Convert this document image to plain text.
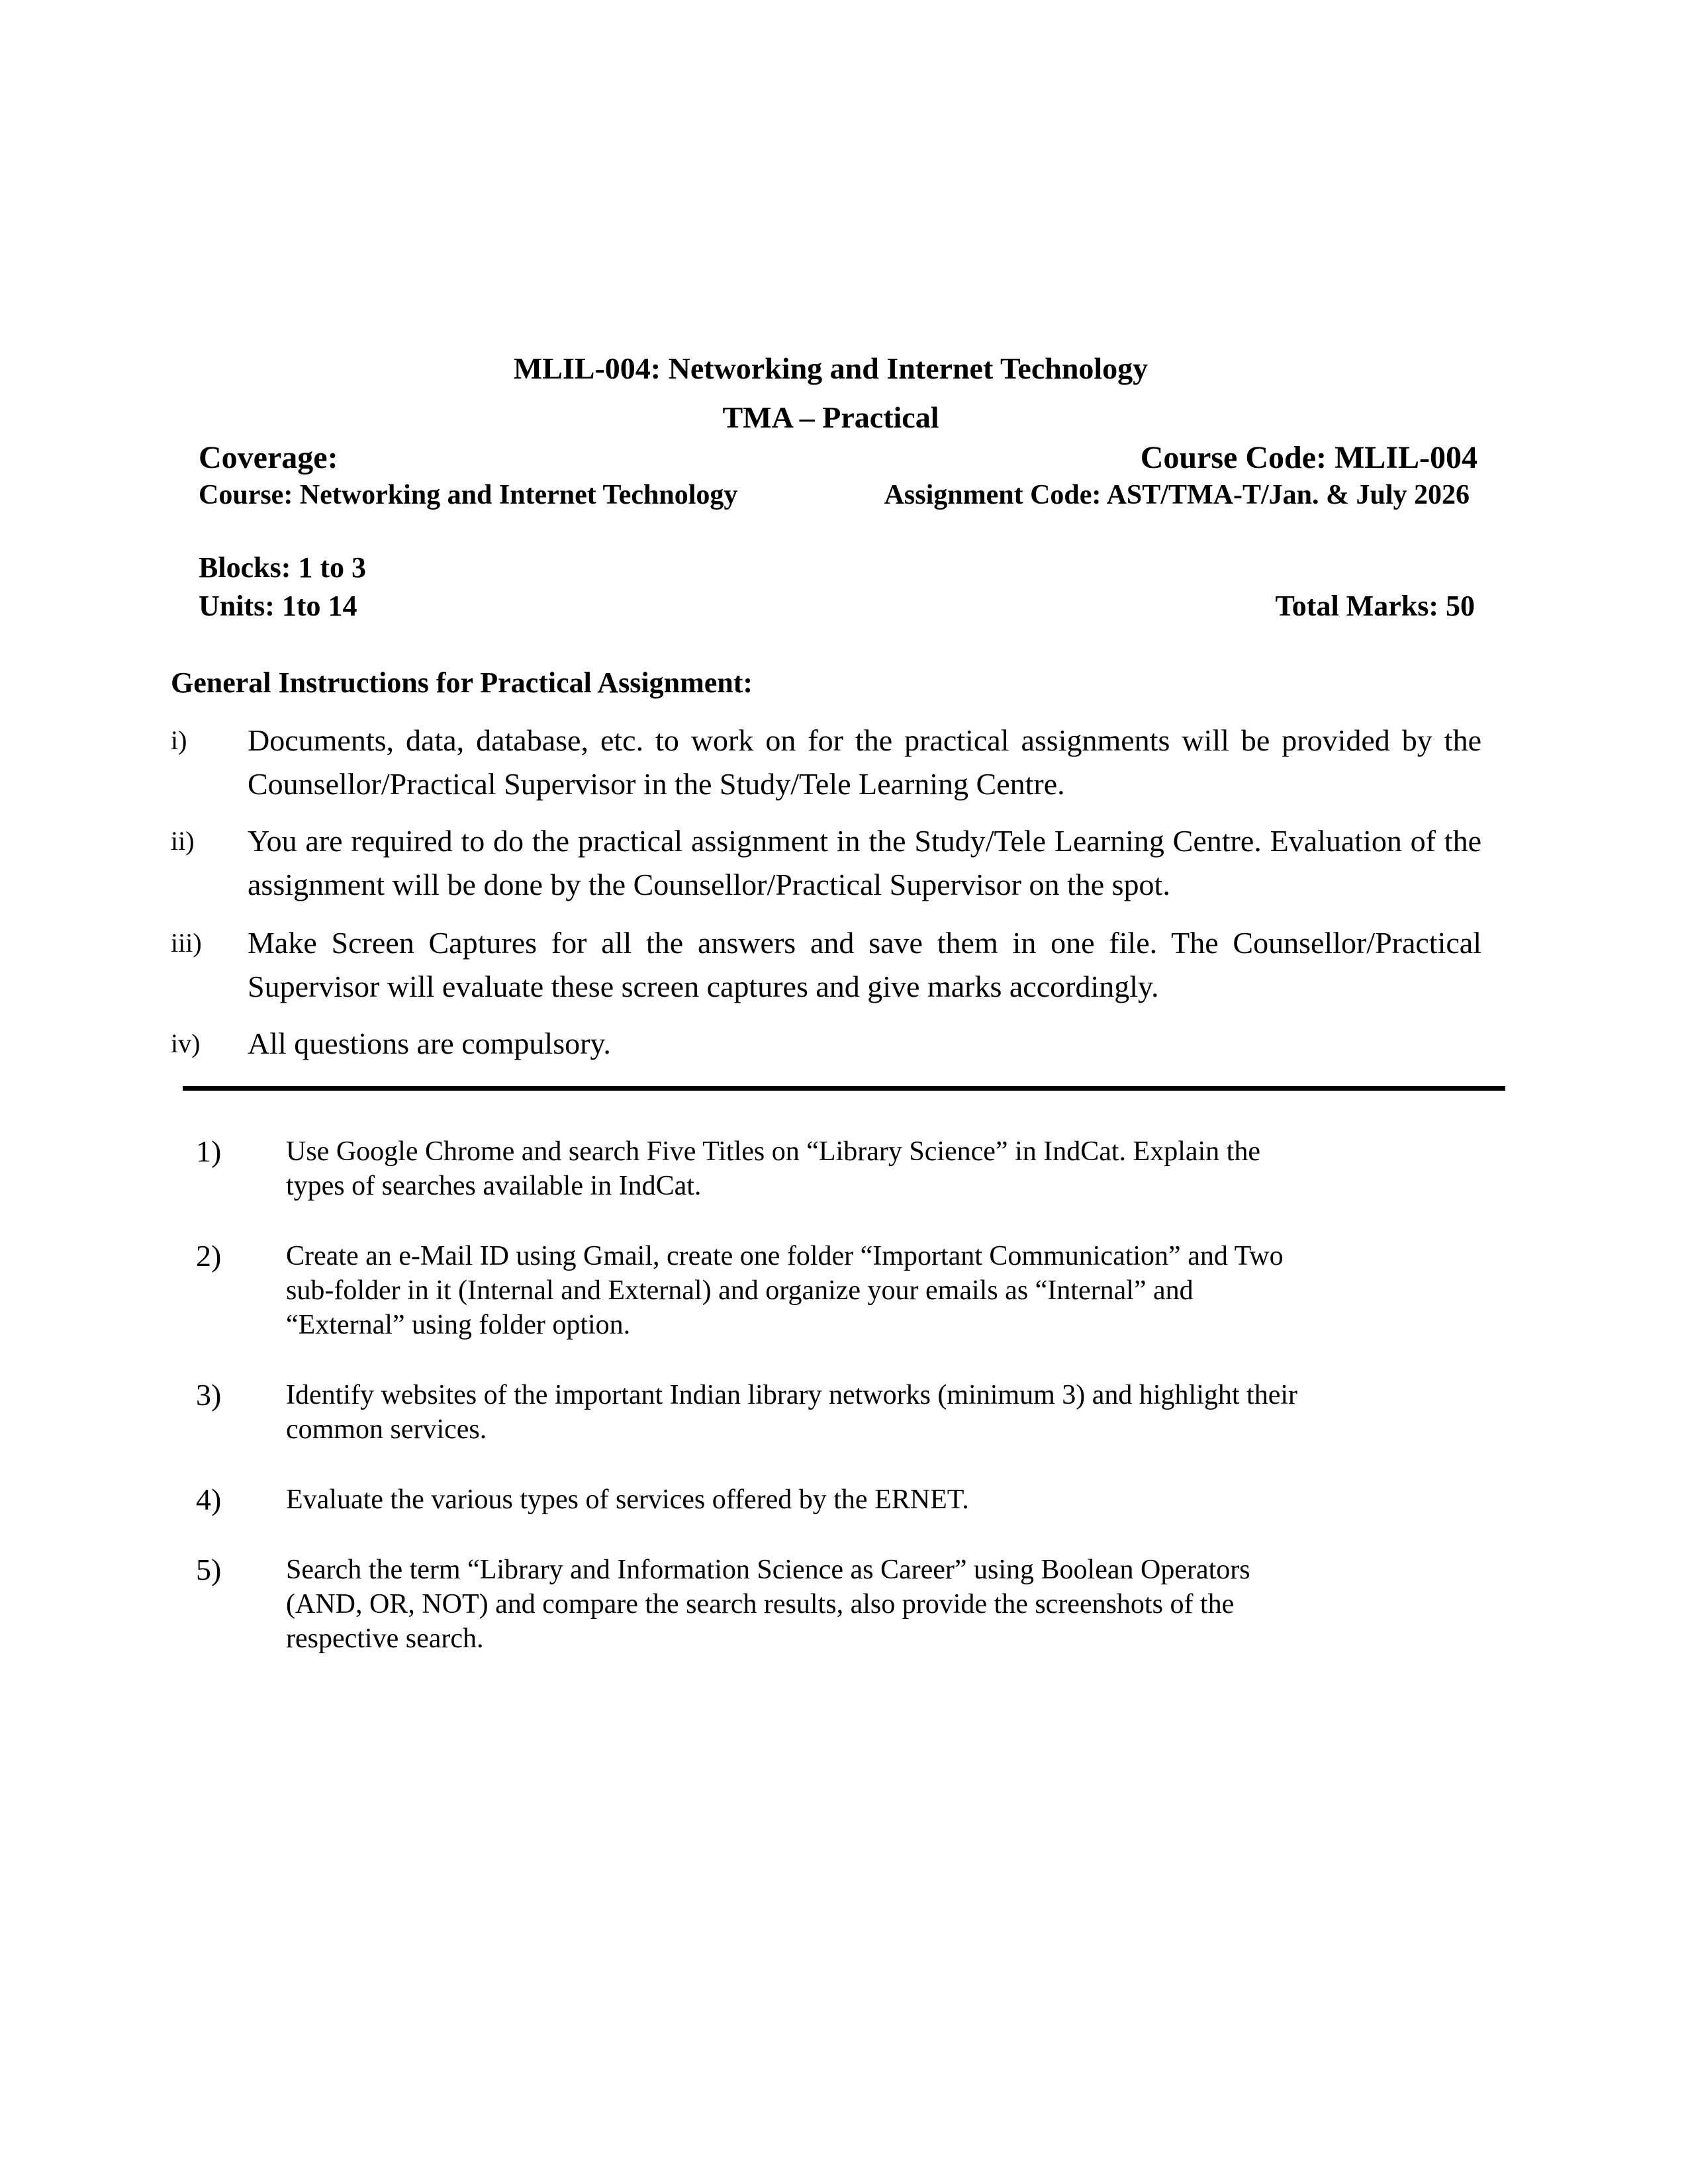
MLIL-004: Networking and Internet Technology
TMA – Practical
Coverage:	Course Code: MLIL-004
Course: Networking and Internet Technology	Assignment Code: AST/TMA-T/Jan. & July 2026
Blocks: 1 to 3
Units: 1to 14	Total Marks: 50
General Instructions for Practical Assignment:
i) Documents, data, database, etc. to work on for the practical assignments will be provided by the Counsellor/Practical Supervisor in the Study/Tele Learning Centre.
ii) You are required to do the practical assignment in the Study/Tele Learning Centre. Evaluation of the assignment will be done by the Counsellor/Practical Supervisor on the spot.
iii) Make Screen Captures for all the answers and save them in one file. The Counsellor/Practical Supervisor will evaluate these screen captures and give marks accordingly.
iv) All questions are compulsory.
1) Use Google Chrome and search Five Titles on “Library Science” in IndCat. Explain the
types of searches available in IndCat.
2) Create an e-Mail ID using Gmail, create one folder “Important Communication” and Two
sub-folder in it (Internal and External) and organize your emails as “Internal” and
“External” using folder option.
3) Identify websites of the important Indian library networks (minimum 3) and highlight their
common services.
4) Evaluate the various types of services offered by the ERNET.
5) Search the term “Library and Information Science as Career” using Boolean Operators
(AND, OR, NOT) and compare the search results, also provide the screenshots of the
respective search.
